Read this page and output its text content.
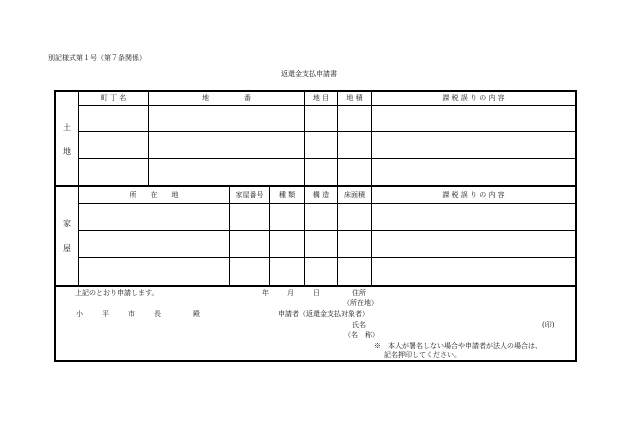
別記様式第１号（第７条関係）
返還金支払申請書
土
地
町 丁 名	地　　　　　番	地 目	地 積	課 税 誤 り の 内 容
家
屋
所　　在　　地	家屋番号	種 類	構 造	床面積	課 税 誤 り の 内 容
上記のとおり申請します。	年	月	日	住所
（所在地）
小　平　市　長　　殿	申請者（返還金支払対象者）
氏名	(印)
（名　称）
※　本人が署名しない場合や申請者が法人の場合は、
記名押印してください。
